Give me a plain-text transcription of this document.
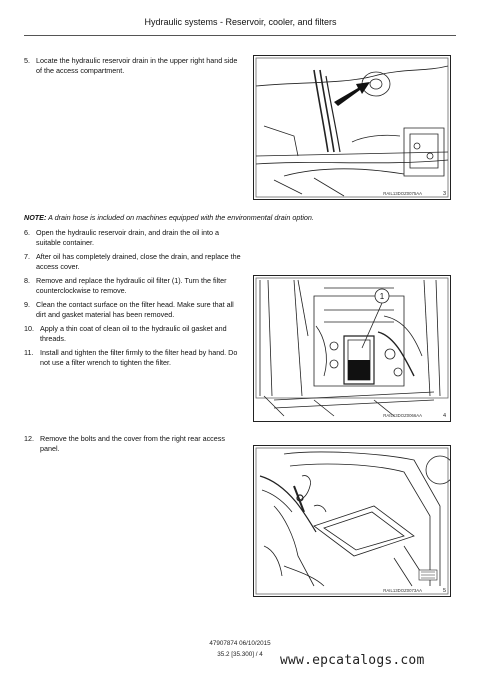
Hydraulic systems - Reservoir, cooler, and filters
5. Locate the hydraulic reservoir drain in the upper right hand side of the access compartment.
RAIL13DOZ0075AA	3
NOTE: A drain hose is included on machines equipped with the environmental drain option.
6. Open the hydraulic reservoir drain, and drain the oil into a suitable container.
7. After oil has completely drained, close the drain, and replace the access cover.
8. Remove and replace the hydraulic oil filter (1). Turn the filter counterclockwise to remove.
9. Clean the contact surface on the filter head. Make sure that all dirt and gasket material has been removed.
10. Apply a thin coat of clean oil to the hydraulic oil gasket and threads.
11. Install and tighten the filter firmly to the filter head by hand. Do not use a filter wrench to tighten the filter.
1
RAIL13DOZ0066AA	4
12. Remove the bolts and the cover from the right rear access panel.
RAIL13DOZ0073AA	5
47907874 06/10/2015
35.2 [35.300] / 4	www.epcatalogs.com
